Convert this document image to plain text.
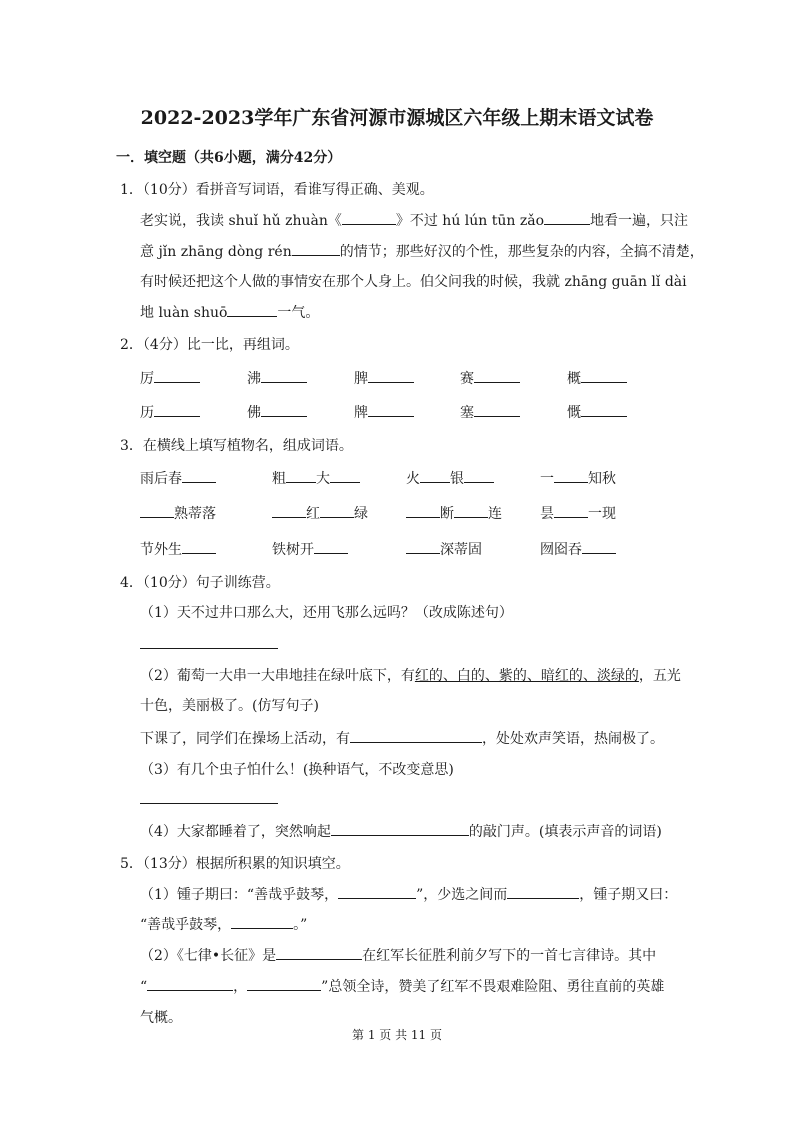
2022-2023学年广东省河源市源城区六年级上期末语文试卷
一．填空题（共6小题，满分42分）
1．（10分）看拼音写词语，看谁写得正确、美观。
老实说，我读 shuǐ hǔ zhuàn《	》不过 hú lún tūn zǎo	地看一遍，只注
意 jǐn zhāng dòng rén	的情节；那些好汉的个性，那些复杂的内容，全搞不清楚，
有时候还把这个人做的事情安在那个人身上。伯父问我的时候，我就 zhāng guān lǐ dài
地 luàn shuō	一气。
2．（4分）比一比，再组词。
厉	沸	脾	赛	概
历	佛	牌	塞	慨
3．在横线上填写植物名，组成词语。
雨后春	粗 大	火 银	一 知秋
熟蒂落	红 绿	断 连	昙 一现
节外生	铁树开	深蒂固	囫囵吞
4．（10分）句子训练营。
（1）天不过井口那么大，还用飞那么远吗？（改成陈述句）
（2）葡萄一大串一大串地挂在绿叶底下，有红的、白的、紫的、暗红的、淡绿的，五光
十色，美丽极了。(仿写句子)
下课了，同学们在操场上活动，有	，处处欢声笑语，热闹极了。
（3）有几个虫子怕什么！(换种语气，不改变意思)
（4）大家都睡着了，突然响起	的敲门声。(填表示声音的词语)
5．（13分）根据所积累的知识填空。
（1）锺子期曰：“善哉乎鼓琴，	”，少选之间而	，锺子期又曰：
“善哉乎鼓琴，	。”
（2）《七律•长征》是	在红军长征胜利前夕写下的一首七言律诗。其中
“	，	”总领全诗，赞美了红军不畏艰难险阻、勇往直前的英雄
气概。
第 1 页 共 11 页
